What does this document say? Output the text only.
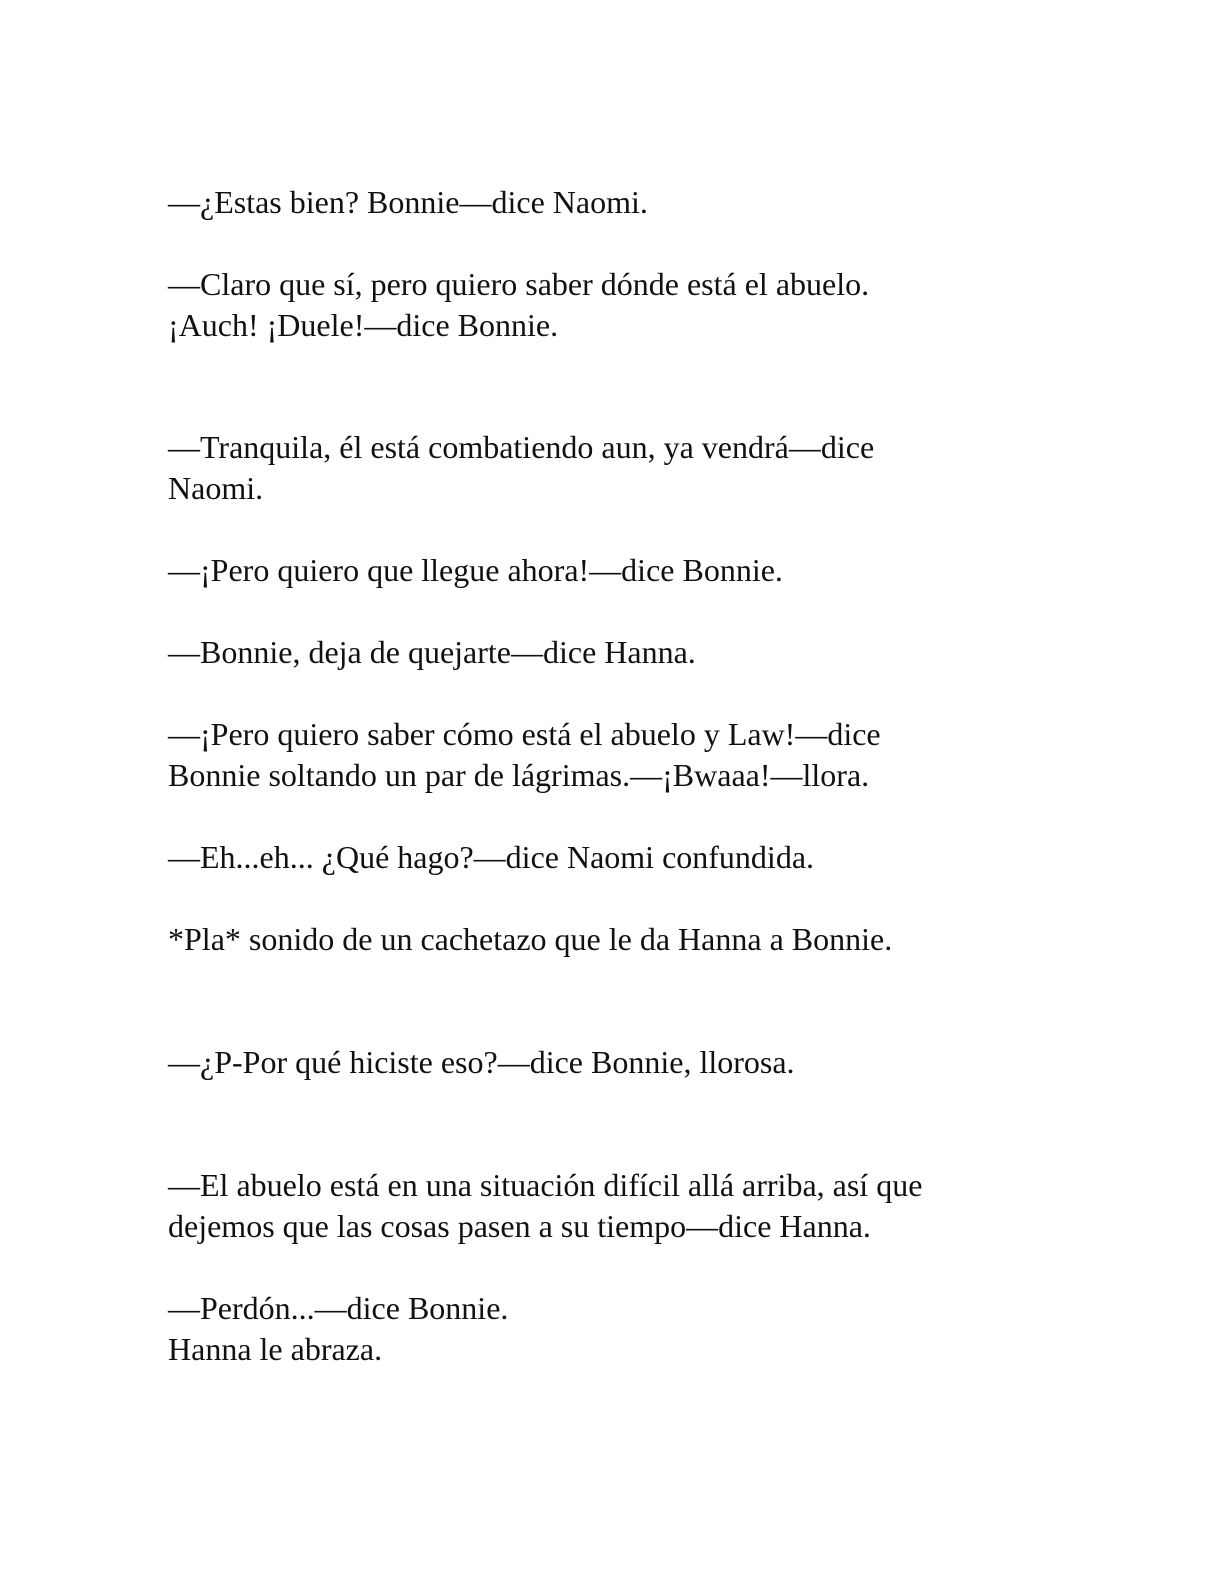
—¿Estas bien? Bonnie—dice Naomi.

—Claro que sí, pero quiero saber dónde está el abuelo.
¡Auch! ¡Duele!—dice Bonnie.

—Tranquila, él está combatiendo aun, ya vendrá—dice
Naomi.

—¡Pero quiero que llegue ahora!—dice Bonnie.

—Bonnie, deja de quejarte—dice Hanna.

—¡Pero quiero saber cómo está el abuelo y Law!—dice
Bonnie soltando un par de lágrimas.—¡Bwaaa!—llora.

—Eh...eh... ¿Qué hago?—dice Naomi confundida.

*Pla* sonido de un cachetazo que le da Hanna a Bonnie.

—¿P-Por qué hiciste eso?—dice Bonnie, llorosa.

—El abuelo está en una situación difícil allá arriba, así que
dejemos que las cosas pasen a su tiempo—dice Hanna.

—Perdón...—dice Bonnie.
Hanna le abraza.
